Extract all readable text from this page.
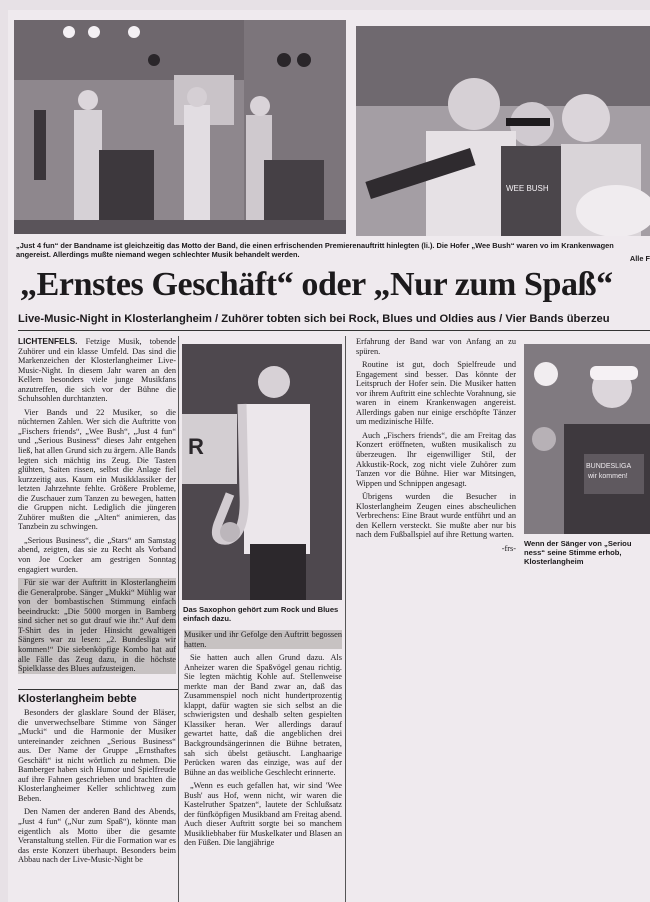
WEE BUSH
„Just 4 fun“ der Bandname ist gleichzeitig das Motto der Band, die einen erfrischenden Premierenauftritt hinlegten (li.). Die Hofer „Wee Bush“ waren vo im Krankenwagen angereist. Allerdings mußte niemand wegen schlechter Musik behandelt werden.	Alle F
„Ernstes Geschäft“ oder „Nur zum Spaß“
Live-Music-Night in Klosterlangheim / Zuhörer tobten sich bei Rock, Blues und Oldies aus / Vier Bands überzeu

LICHTENFELS. Fetzige Musik, tobende Zuhörer und ein klasse Umfeld. Das sind die Markenzeichen der Klosterlangheimer Live-Music-Night. In diesem Jahr waren an den Kellern besonders viele junge Musikfans anzutreffen, die sich vor der Bühne die Schuhsohlen durchtanzten.

Vier Bands und 22 Musiker, so die nüchternen Zahlen. Wer sich die Auftritte von „Fischers friends“, „Wee Bush“, „Just 4 fun“ und „Serious Business“ dieses Jahr entgehen ließ, hat allen Grund sich zu ärgern. Alle Bands legten sich mächtig ins Zeug. Die Tasten glühten, Saiten rissen, selbst die Anlage fiel kurzzeitig aus. Kaum ein Musikklassiker der letzten Jahrzehnte fehlte. Größere Probleme, die Zuschauer zum Tanzen zu bewegen, hatten die Gruppen nicht. Lediglich die jüngeren Zuhörer mußten die „Alten“ animieren, das Tanzbein zu schwingen.

„Serious Business“, die „Stars“ am Samstag abend, zeigten, das sie zu Recht als Vorband von Joe Cocker am gestrigen Sonntag engagiert wurden.

Für sie war der Auftritt in Klosterlangheim die Generalprobe. Sänger „Mukki“ Mühlig war von der bombastischen Stimmung einfach beeindruckt: „Die 5000 morgen in Bamberg sind sicher net so gut drauf wie ihr.“ Auf dem T-Shirt des in jeder Hinsicht gewaltigen Sängers war zu lesen: „2. Bundesliga wir kommen!“ Die siebenköpfige Kombo hat auf alle Fälle das Zeug dazu, in die höchste Spielklasse des Blues aufzusteigen.

Klosterlangheim bebte

Besonders der glasklare Sound der Bläser, die unverwechselbare Stimme von Sänger „Mucki“ und die Harmonie der Musiker untereinander zeichnen „Serious Business“ aus. Der Name der Gruppe „Ernsthaftes Geschäft“ ist nicht wörtlich zu nehmen. Die Bamberger haben sich Humor und Spielfreude auf ihre Fahnen geschrieben und brachten die Klosterlangheimer Keller schlichtweg zum Beben.

Den Namen der anderen Band des Abends, „Just 4 fun“ („Nur zum Spaß“), könnte man eigentlich als Motto über die gesamte Veranstaltung stellen. Für die Formation war es das erste Konzert überhaupt. Besonders beim Abbau nach der Live-Music-Night be

R
Das Saxophon gehört zum Rock und Blues einfach dazu.

Musiker und ihr Gefolge den Auftritt begossen hatten.

Sie hatten auch allen Grund dazu. Als Anheizer waren die Spaßvögel genau richtig. Sie legten mächtig Kohle auf. Stellenweise merkte man der Band zwar an, daß das Zusammenspiel noch nicht hundertprozentig klappt, dafür wagten sie sich selbst an die schwierigsten und deshalb selten gespielten Klassiker heran. Wer allerdings darauf gewartet hatte, daß die angeblichen drei Backgroundsängerinnen die Bühne betraten, sah sich übelst getäuscht. Langhaarige Perücken waren das einzige, was auf der Bühne an das weibliche Geschlecht erinnerte.

„Wenn es euch gefallen hat, wir sind 'Wee Bush' aus Hof, wenn nicht, wir waren die Kastelruther Spatzen“, lautete der Schlußsatz der fünfköpfigen Musikband am Freitag abend. Auch dieser Auftritt sorgte bei so manchem Musikliebhaber für Muskelkater und Blasen an den Füßen. Die langjährige

Erfahrung der Band war von Anfang an zu spüren.

Routine ist gut, doch Spielfreude und Engagement sind besser. Das könnte der Leitspruch der Hofer sein. Die Musiker hatten vor ihrem Auftritt eine schlechte Vorahnung, sie waren in einem Krankenwagen angereist. Allerdings gaben nur einige erschöpfte Tänzer um medizinische Hilfe.

Auch „Fischers friends“, die am Freitag das Konzert eröffneten, wußten musikalisch zu überzeugen. Ihr eigenwilliger Stil, der Akkustik-Rock, zog nicht viele Zuhörer zum Tanzen vor die Bühne. Hier war Mitsingen, Wippen und Schnippen angesagt.

Übrigens wurden die Besucher in Klosterlangheim Zeugen eines abscheulichen Verbrechens: Eine Braut wurde entführt und an den Kellern versteckt. Sie mußte aber nur bis nach dem Fußballspiel auf ihre Rettung warten.

-frs-

BUNDESLIGA
wir kommen!
Wenn der Sänger von „Seriou ness“ seine Stimme erhob, Klosterlangheim
